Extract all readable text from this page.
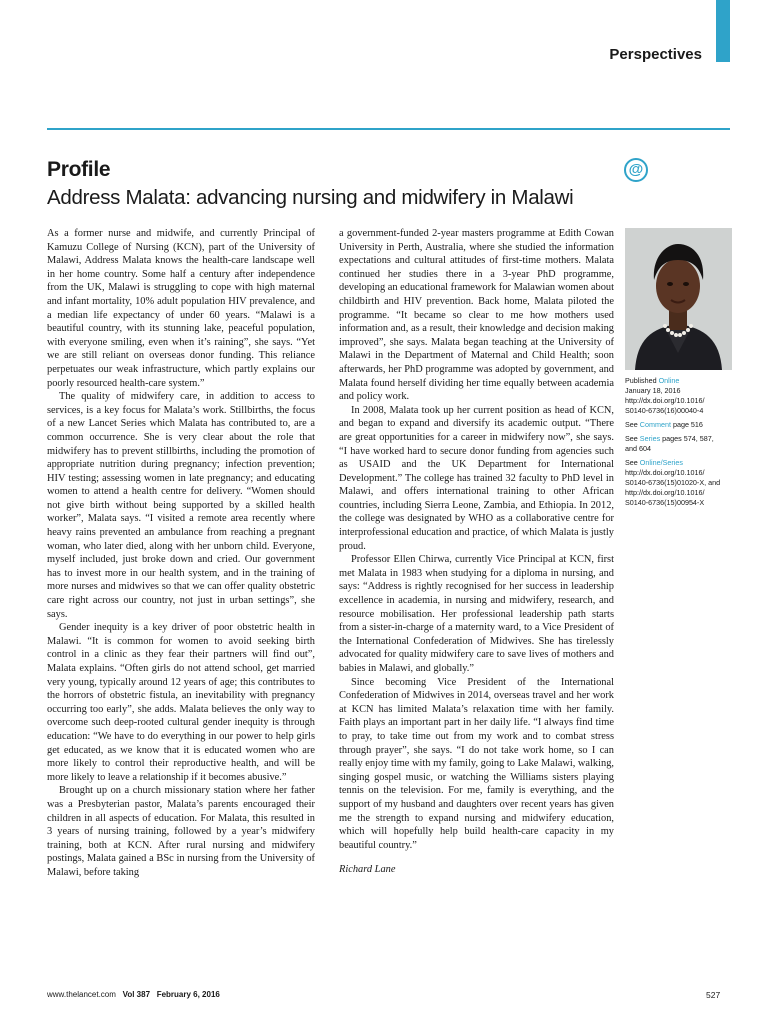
Perspectives
Profile
Address Malata: advancing nursing and midwifery in Malawi
@

As a former nurse and midwife, and currently Principal of Kamuzu College of Nursing (KCN), part of the University of Malawi, Address Malata knows the health-care landscape well in her home country. Some half a century after independence from the UK, Malawi is struggling to cope with high maternal and infant mortality, 10% adult population HIV prevalence, and a median life expectancy of under 60 years. “Malawi is a beautiful country, with its stunning lake, peaceful population, with everyone smiling, even when it’s raining”, she says. “Yet we are still reliant on overseas donor funding. This reliance perpetuates our weak infrastructure, which partly explains our poorly resourced health-care system.”

The quality of midwifery care, in addition to access to services, is a key focus for Malata’s work. Stillbirths, the focus of a new Lancet Series which Malata has contributed to, are a common occurrence. She is very clear about the role that midwifery has to prevent stillbirths, including the promotion of appropriate nutrition during pregnancy; infection prevention; HIV testing; assessing women in late pregnancy; and educating women to attend a health centre for delivery. “Women should not give birth without being supported by a skilled health worker”, Malata says. “I visited a remote area recently where heavy rains prevented an ambulance from reaching a pregnant woman, who later died, along with her unborn child. Everyone, myself included, just broke down and cried. Our government has to invest more in our health system, and in the training of more nurses and midwives so that we can offer quality obstetric care right across our country, not just in urban settings”, she says.

Gender inequity is a key driver of poor obstetric health in Malawi. “It is common for women to avoid seeking birth control in a clinic as they fear their partners will find out”, Malata explains. “Often girls do not attend school, get married very young, typically around 12 years of age; this contributes to the horrors of obstetric fistula, an inevitability with pregnancy occurring too early”, she adds. Malata believes the only way to overcome such deep-rooted cultural gender inequity is through education: “We have to do everything in our power to help girls get educated, as we know that it is educated women who are more likely to control their reproductive health, and will be more likely to leave a relationship if it becomes abusive.”

Brought up on a church missionary station where her father was a Presbyterian pastor, Malata’s parents encouraged their children in all aspects of education. For Malata, this resulted in 3 years of nursing training, followed by a year’s midwifery training, both at KCN. After rural nursing and midwifery postings, Malata gained a BSc in nursing from the University of Malawi, before taking

a government-funded 2-year masters programme at Edith Cowan University in Perth, Australia, where she studied the information expectations and cultural attitudes of first-time mothers. Malata continued her studies there in a 3-year PhD programme, developing an educational framework for Malawian women about childbirth and HIV prevention. Back home, Malata piloted the programme. “It became so clear to me how mothers used information and, as a result, their knowledge and decision making improved”, she says. Malata began teaching at the University of Malawi in the Department of Maternal and Child Health; soon afterwards, her PhD programme was adopted by government, and Malata found herself dividing her time equally between academia and policy work.

In 2008, Malata took up her current position as head of KCN, and began to expand and diversify its academic output. “There are great opportunities for a career in midwifery now”, she says. “I have worked hard to secure donor funding from agencies such as USAID and the UK Department for International Development.” The college has trained 32 faculty to PhD level in Malawi, and offers international training to other African countries, including Sierra Leone, Zambia, and Ethiopia. In 2012, the college was designated by WHO as a collaborative centre for interprofessional education and practice, of which Malata is justly proud.

Professor Ellen Chirwa, currently Vice Principal at KCN, first met Malata in 1983 when studying for a diploma in nursing, and says: “Address is rightly recognised for her success in leadership excellence in academia, in nursing and midwifery, research, and resource mobilisation. Her professional leadership path starts from a sister-in-charge of a maternity ward, to a Vice President of the International Confederation of Midwives. She has tirelessly advocated for quality midwifery care to save lives of mothers and babies in Malawi, and globally.”

Since becoming Vice President of the International Confederation of Midwives in 2014, overseas travel and her work at KCN has limited Malata’s relaxation time with her family. Faith plays an important part in her daily life. “I always find time to pray, to take time out from my work and to combat stress through prayer”, she says. “I do not take work home, so I can really enjoy time with my family, going to Lake Malawi, walking, singing gospel music, or watching the Williams sisters playing tennis on the television. For me, family is everything, and the support of my husband and daughters over recent years has given me the strength to expand nursing and midwifery education, which will hopefully help build health-care capacity in my beautiful country.”

Richard Lane

Published Online
January 18, 2016
http://dx.doi.org/10.1016/
S0140-6736(16)00040-4
See Comment page 516
See Series pages 574, 587,
and 604
See Online/Series
http://dx.doi.org/10.1016/
S0140-6736(15)01020-X, and
http://dx.doi.org/10.1016/
S0140-6736(15)00954-X
www.thelancet.com Vol 387 February 6, 2016	527
